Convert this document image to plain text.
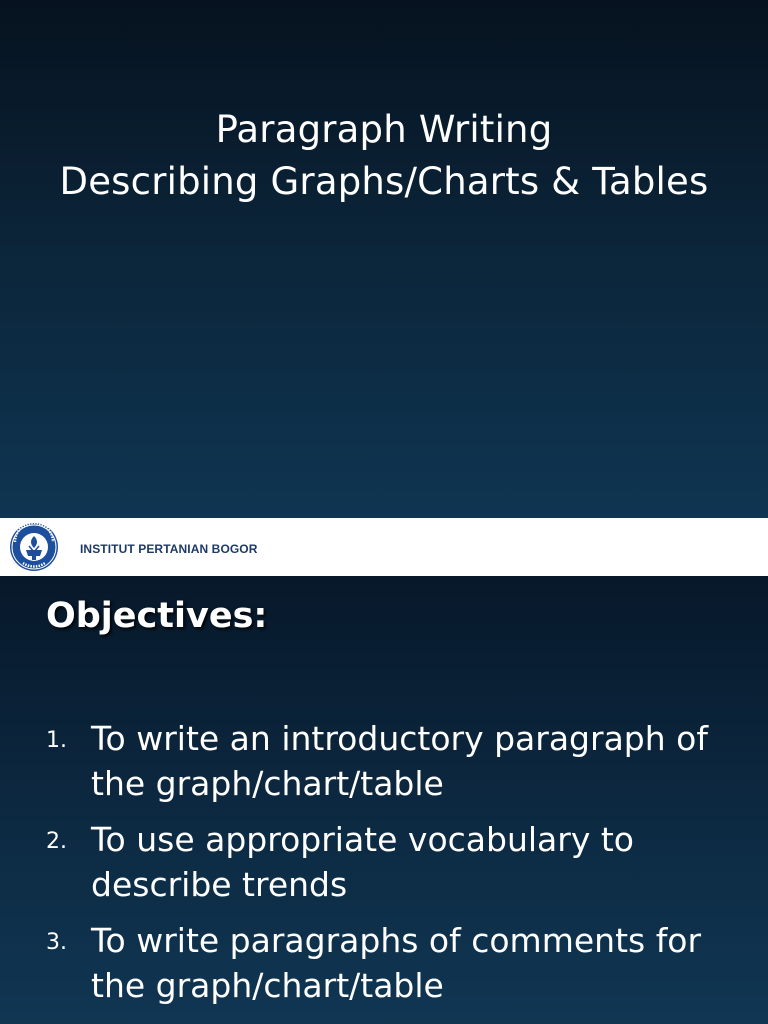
Paragraph Writing
Describing Graphs/Charts & Tables
INSTITUT PERTANIAN BOGOR
Objectives:
1. To write an introductory paragraph of the graph/chart/table
2. To use appropriate vocabulary to describe trends
3. To write paragraphs of comments for the graph/chart/table
